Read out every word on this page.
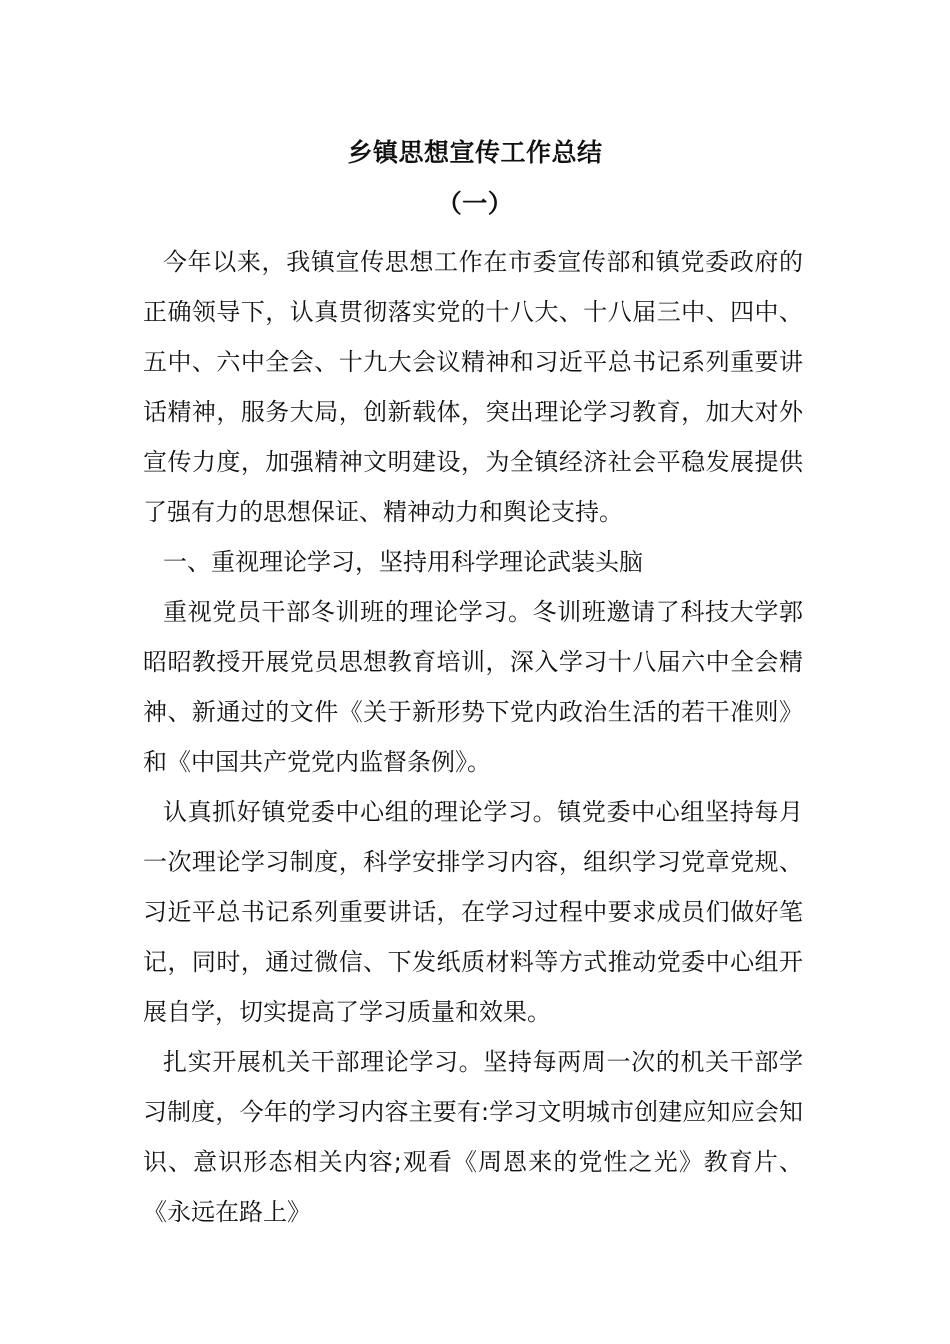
乡镇思想宣传工作总结
（一）

今年以来，我镇宣传思想工作在市委宣传部和镇党委政府的正确领导下，认真贯彻落实党的十八大、十八届三中、四中、五中、六中全会、十九大会议精神和习近平总书记系列重要讲话精神，服务大局，创新载体，突出理论学习教育，加大对外宣传力度，加强精神文明建设，为全镇经济社会平稳发展提供了强有力的思想保证、精神动力和舆论支持。

一、重视理论学习，坚持用科学理论武装头脑

重视党员干部冬训班的理论学习。冬训班邀请了科技大学郭昭昭教授开展党员思想教育培训，深入学习十八届六中全会精神、新通过的文件《关于新形势下党内政治生活的若干准则》和《中国共产党党内监督条例》。

认真抓好镇党委中心组的理论学习。镇党委中心组坚持每月一次理论学习制度，科学安排学习内容，组织学习党章党规、习近平总书记系列重要讲话，在学习过程中要求成员们做好笔记，同时，通过微信、下发纸质材料等方式推动党委中心组开展自学，切实提高了学习质量和效果。

扎实开展机关干部理论学习。坚持每两周一次的机关干部学习制度，今年的学习内容主要有:学习文明城市创建应知应会知识、意识形态相关内容;观看《周恩来的党性之光》教育片、《永远在路上》
